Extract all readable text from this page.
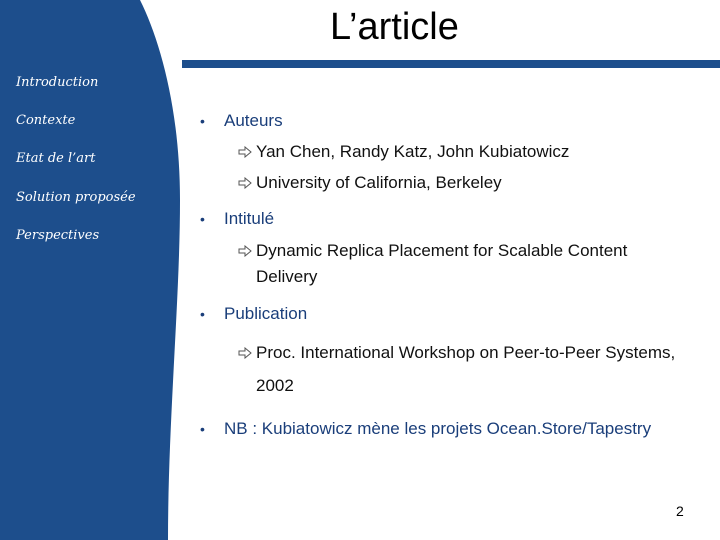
Introduction
Contexte
Etat de l’art
Solution proposée
Perspectives
L’article
• Auteurs
Yan Chen, Randy Katz, John Kubiatowicz
University of California, Berkeley
• Intitulé
Dynamic Replica Placement for Scalable Content
Delivery
• Publication
Proc. International Workshop on Peer-to-Peer Systems,
2002
• NB : Kubiatowicz mène les projets Ocean.Store/Tapestry
2
